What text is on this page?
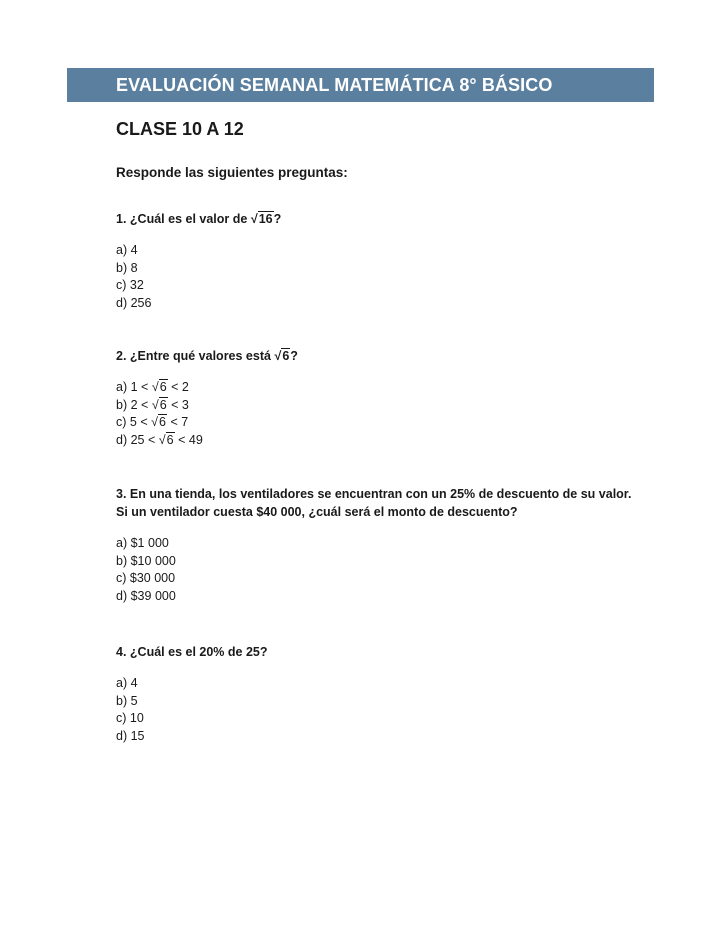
EVALUACIÓN SEMANAL MATEMÁTICA 8° BÁSICO
CLASE 10 A 12

Responde las siguientes preguntas:

1. ¿Cuál es el valor de √16?

a) 4

b) 8

c) 32

d) 256

2. ¿Entre qué valores está √6?

a) 1 < √6 < 2

b) 2 < √6 < 3

c) 5 < √6 < 7

d) 25 < √6 < 49

3. En una tienda, los ventiladores se encuentran con un 25% de descuento de su valor. Si un ventilador cuesta $40 000, ¿cuál será el monto de descuento?

a) $1 000

b) $10 000

c) $30 000

d) $39 000

4. ¿Cuál es el 20% de 25?

a) 4

b) 5

c) 10

d) 15
